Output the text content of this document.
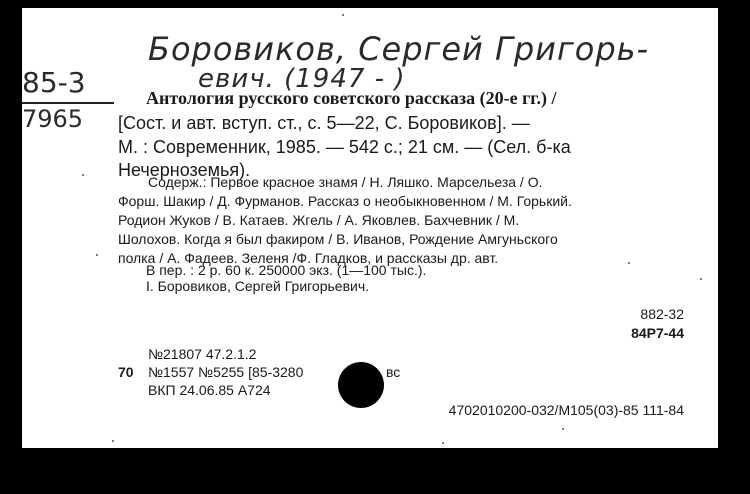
Боровиков, Сергей Григорь-
евич. (1947 - )
85-3
7965
Антология русского советского рассказа (20-е гг.) /
[Сост. и авт. вступ. ст., с. 5—22, С. Боровиков]. —
М. : Современник, 1985. — 542 с.; 21 см. — (Сел. б-ка
Нечерноземья).
Содерж.: Первое красное знамя / Н. Ляшко. Марсельеза / О.
Форш. Шакир / Д. Фурманов. Рассказ о необыкновенном / М. Горький.
Родион Жуков / В. Катаев. Жгель / А. Яковлев. Бахчевник / М.
Шолохов. Когда я был факиром / В. Иванов, Рождение Амгуньского
полка / А. Фадеев. Зеленя /Ф. Гладков, и рассказы др. авт.
В пер. : 2 р. 60 к. 250000 экз. (1—100 тыс.).
I. Боровиков, Сергей Григорьевич.
882-32
84Р7-44
№21807 47.2.1.2
70 №1557 №5255 [85-3280	вс
ВКП 24.06.85 А724
4702010200-032/М105(03)-85 111-84
